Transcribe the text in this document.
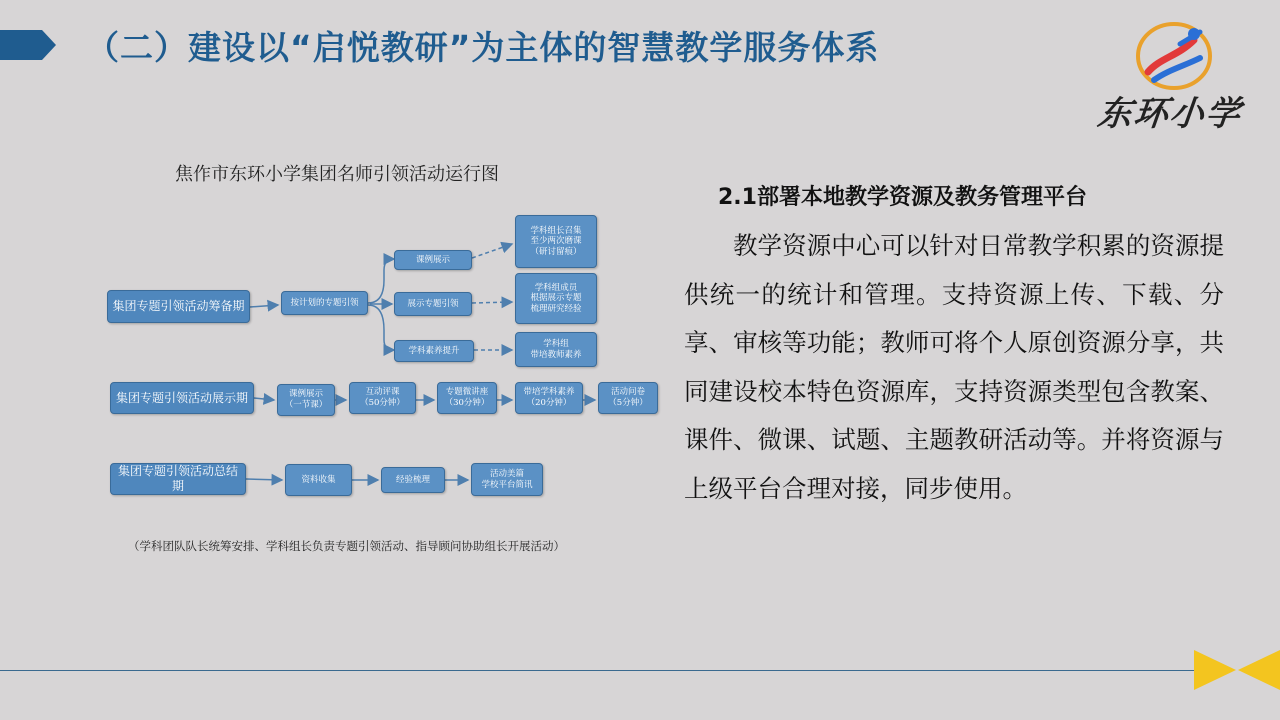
（二）建设以“启悦教研”为主体的智慧教学服务体系
东环小学
焦作市东环小学集团名师引领活动运行图
集团专题引领活动筹备期
集团专题引领活动展示期
集团专题引领活动总结期
按计划的专题引领
课例展示
展示专题引领
学科素养提升
学科组长召集
至少两次磨课
（研讨留痕）
学科组成员
根据展示专题
梳理研究经验
学科组
带培教师素养
课例展示
（一节课）
互动评课
（50分钟）
专题微讲座
（30分钟）
带培学科素养
（20分钟）
活动问卷
（5分钟）
资料收集	经验梳理
活动美篇
学校平台简讯
（学科团队队长统筹安排、学科组长负责专题引领活动、指导顾问协助组长开展活动）
2.1部署本地教学资源及教务管理平台

教学资源中心可以针对日常教学积累的资源提供统一的统计和管理。支持资源上传、下载、分享、审核等功能；教师可将个人原创资源分享，共同建设校本特色资源库，支持资源类型包含教案、课件、微课、试题、主题教研活动等。并将资源与上级平台合理对接，同步使用。
